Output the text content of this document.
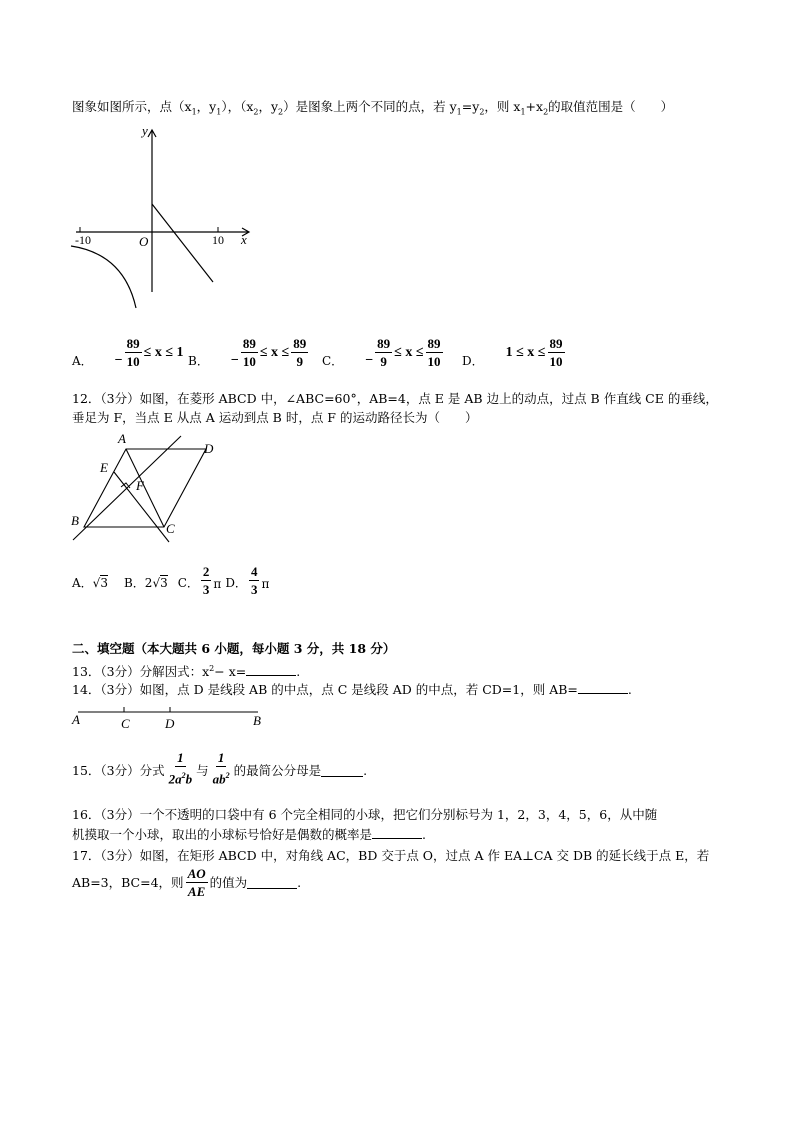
图象如图所示，点（$x_1$，$y_1$），（$x_2$，$y_2$）是图象上两个不同的点，若 $y_1=y_2$，则 $x_1+x_2$的取值范围是（　　）
y
x
O
-10	10
A． − $\frac{89}{10} \le x \le 1$
B． − $\frac{89}{10} \le x \le \frac{89}{9}$ C． − $\frac{89}{9} \le x \le \frac{89}{10}$ D．
$1 \le x \le \frac{89}{10}$
12．（3分）如图，在菱形 ABCD 中，∠ABC=60°，AB=4，点 E 是 AB 边上的动点，过点 B 作直线 CE 的垂线，
垂足为 F，当点 E 从点 A 运动到点 B 时，点 F 的运动路径长为（　　）
A
D
E
F
B
C
A．√3 B．2√3 C． $\frac{2}{3}$ π D． $\frac{4}{3}$ π
二、填空题（本大题共 6 小题，每小题 3 分，共 18 分）
13．（3分）分解因式：$x^2- x=$	.
14．（3分）如图，点 D 是线段 AB 的中点，点 C 是线段 AD 的中点，若 CD=1，则 AB=	.
A	C	D	B
15．（3分）分式 $\frac{1}{2a^2b}$ 与 $\frac{1}{ab^2}$ 的最简公分母是	.
16．（3分）一个不透明的口袋中有 6 个完全相同的小球，把它们分别标号为 1，2，3，4，5，6，从中随
机摸取一个小球，取出的小球标号恰好是偶数的概率是	.
17．（3分）如图，在矩形 ABCD 中，对角线 AC，BD 交于点 O，过点 A 作 EA⊥CA 交 DB 的延长线于点 E，若
AB=3，BC=4，则 $\frac{AO}{AE}$ 的值为	.
